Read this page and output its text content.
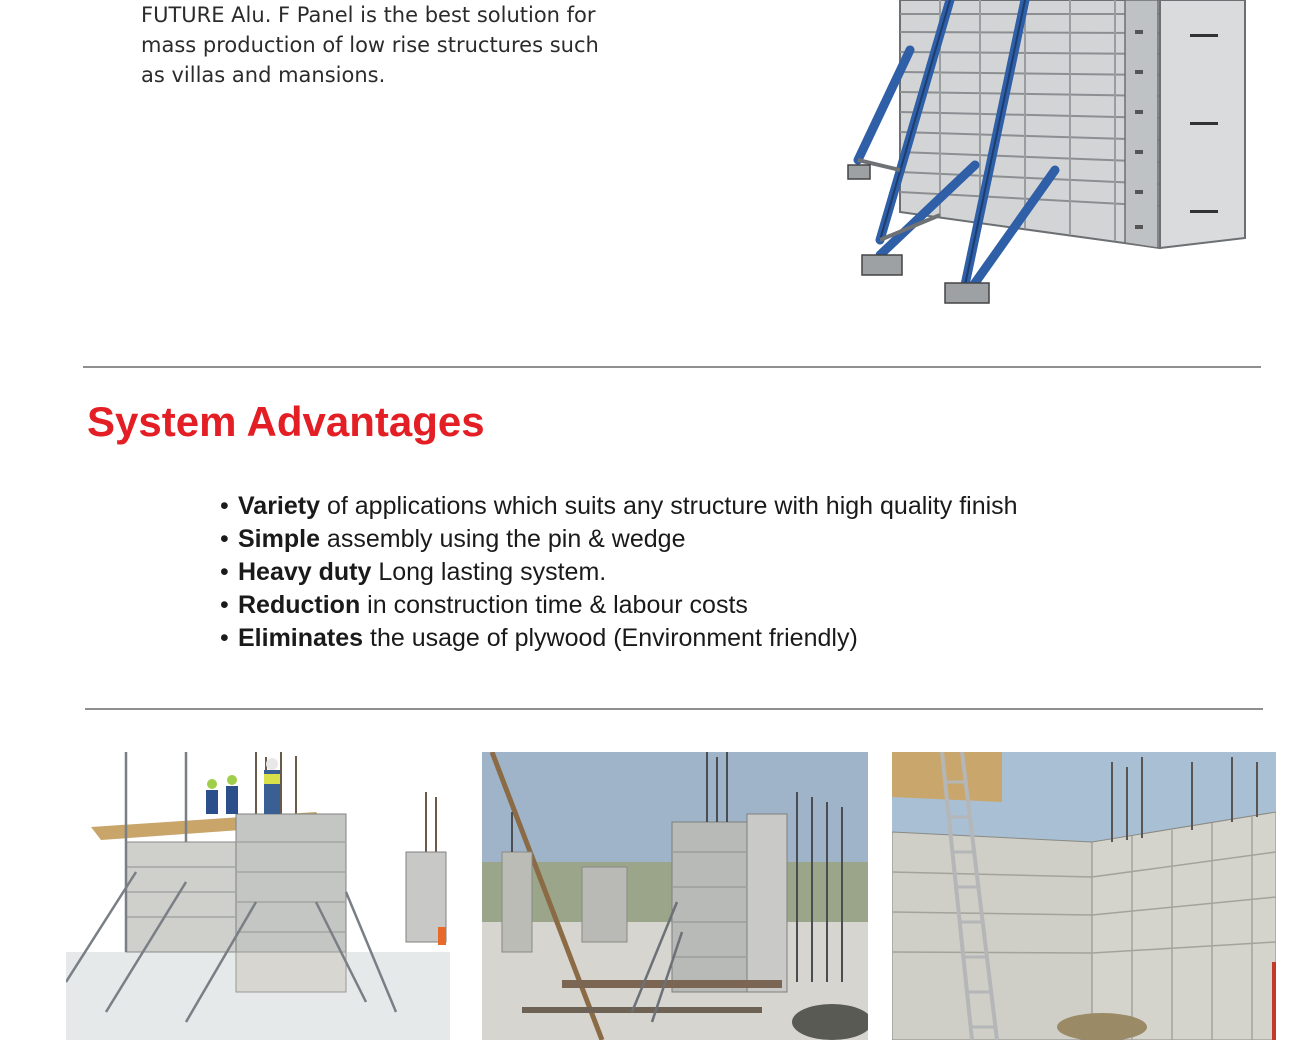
FUTURE Alu. F Panel is the best solution for

mass production of low rise structures such

as villas and mansions.

System Advantages
• Variety of applications which suits any structure with high quality finish
• Simple assembly using the pin & wedge
• Heavy duty Long lasting system.
• Reduction in construction time & labour costs
• Eliminates the usage of plywood (Environment friendly)
